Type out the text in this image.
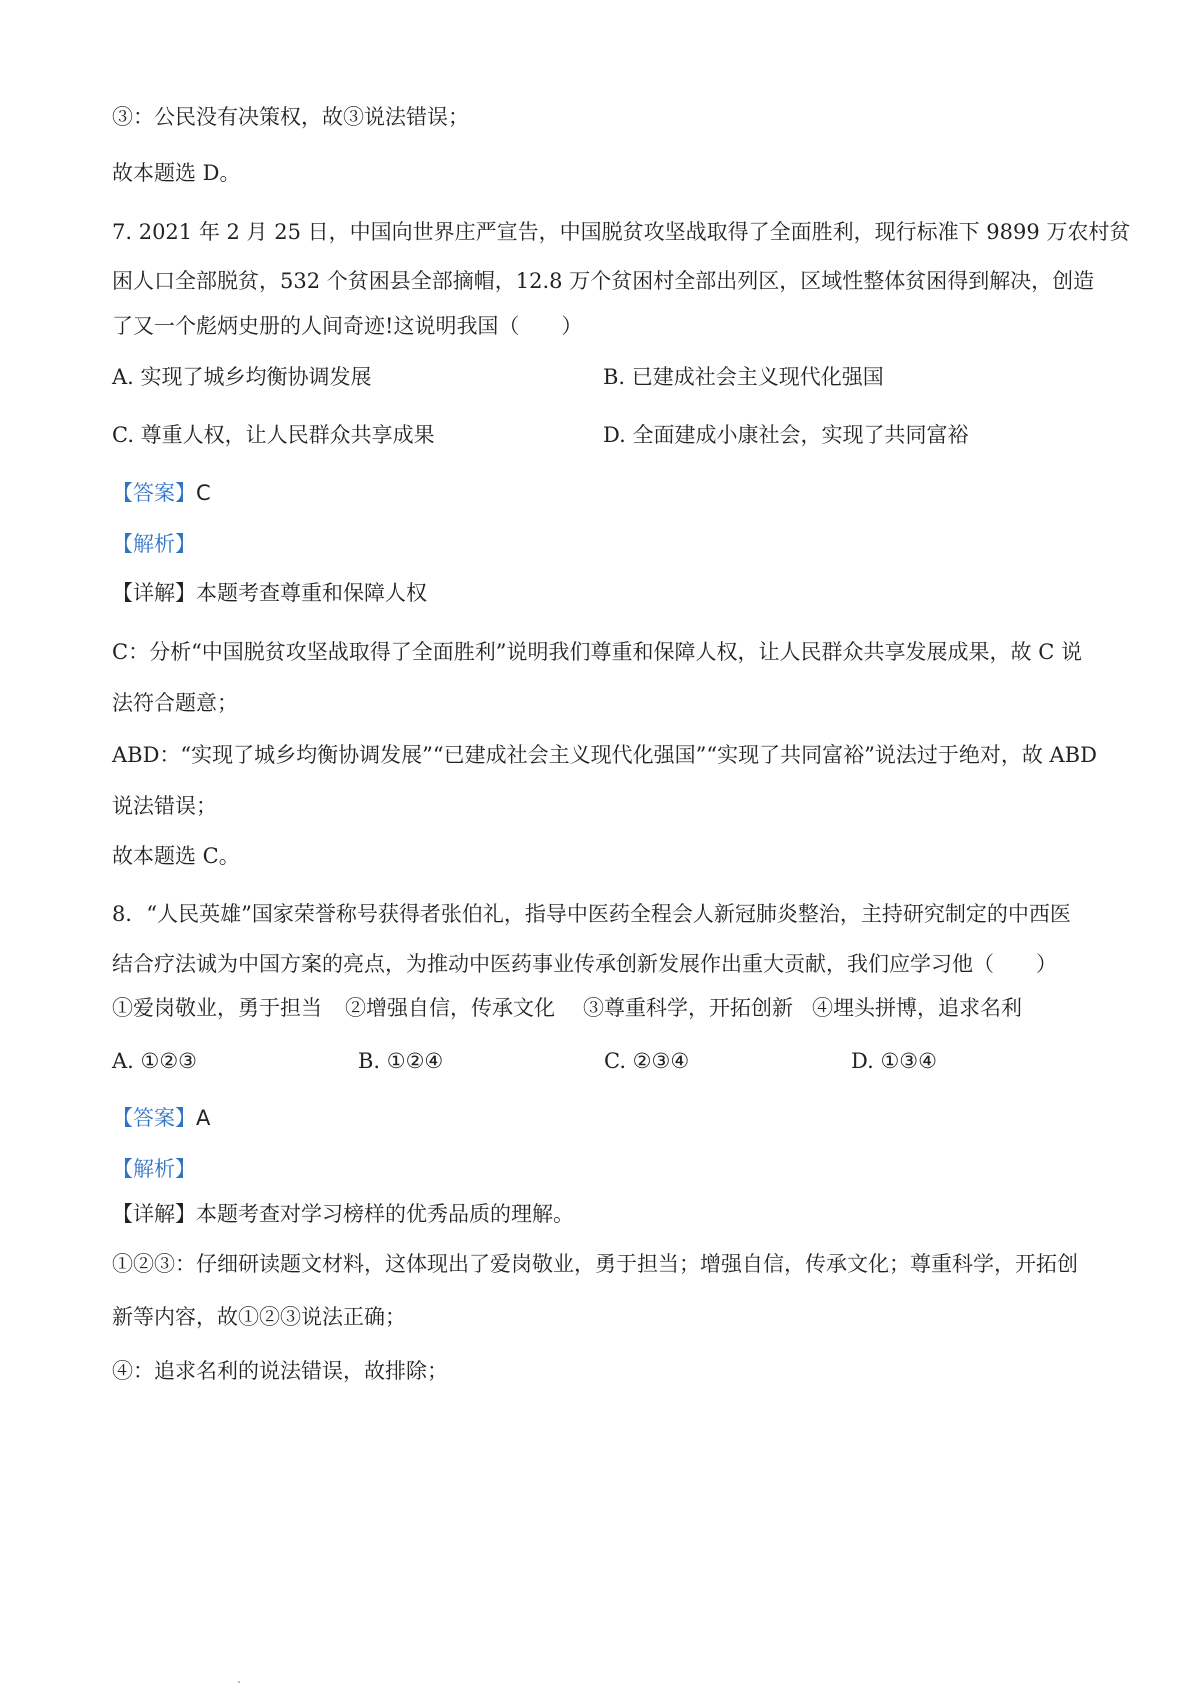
③：公民没有决策权，故③说法错误；
故本题选 D。
7. 2021 年 2 月 25 日，中国向世界庄严宣告，中国脱贫攻坚战取得了全面胜利，现行标准下 9899 万农村贫
困人口全部脱贫，532 个贫困县全部摘帽，12.8 万个贫困村全部出列区，区域性整体贫困得到解决，创造
了又一个彪炳史册的人间奇迹!这说明我国（　　）
A. 实现了城乡均衡协调发展	B. 已建成社会主义现代化强国
C. 尊重人权，让人民群众共享成果	D. 全面建成小康社会，实现了共同富裕
【答案】C
【解析】
【详解】本题考查尊重和保障人权
C：分析“中国脱贫攻坚战取得了全面胜利”说明我们尊重和保障人权，让人民群众共享发展成果，故 C 说
法符合题意；
ABD：“实现了城乡均衡协调发展”“已建成社会主义现代化强国”“实现了共同富裕”说法过于绝对，故 ABD
说法错误；
故本题选 C。
8．“人民英雄”国家荣誉称号获得者张伯礼，指导中医药全程会人新冠肺炎整治，主持研究制定的中西医
结合疗法诚为中国方案的亮点，为推动中医药事业传承创新发展作出重大贡献，我们应学习他（　　）
①爱岗敬业，勇于担当 ②增强自信，传承文化 ③尊重科学，开拓创新 ④埋头拼博，追求名利
A. ①②③	B. ①②④	C. ②③④	D. ①③④
【答案】A
【解析】
【详解】本题考查对学习榜样的优秀品质的理解。
①②③：仔细研读题文材料，这体现出了爱岗敬业，勇于担当；增强自信，传承文化；尊重科学，开拓创
新等内容，故①②③说法正确；
④：追求名利的说法错误，故排除；
